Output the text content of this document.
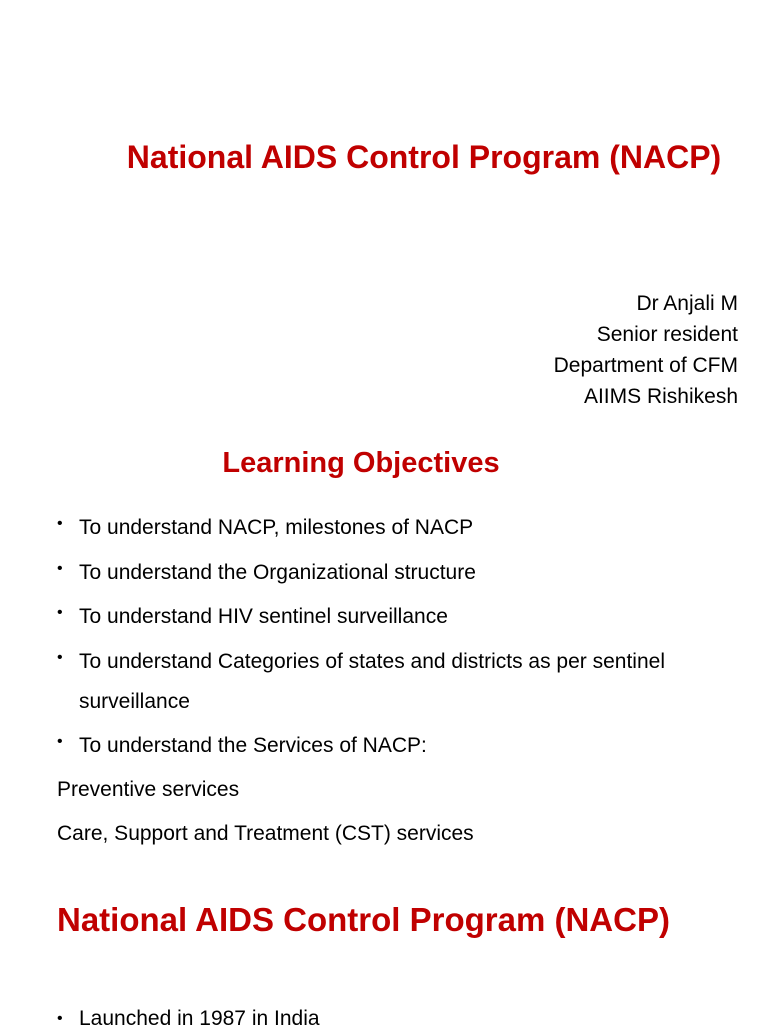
National AIDS Control Program (NACP)
Dr Anjali M
Senior resident
Department of CFM
AIIMS Rishikesh
Learning Objectives
• To understand NACP, milestones of NACP
• To understand the Organizational structure
• To understand HIV sentinel surveillance
• To understand Categories of states and districts as per sentinel surveillance
• To understand the Services of NACP:
Preventive services
Care, Support and Treatment (CST) services
National AIDS Control Program (NACP)
• Launched in 1987 in India
